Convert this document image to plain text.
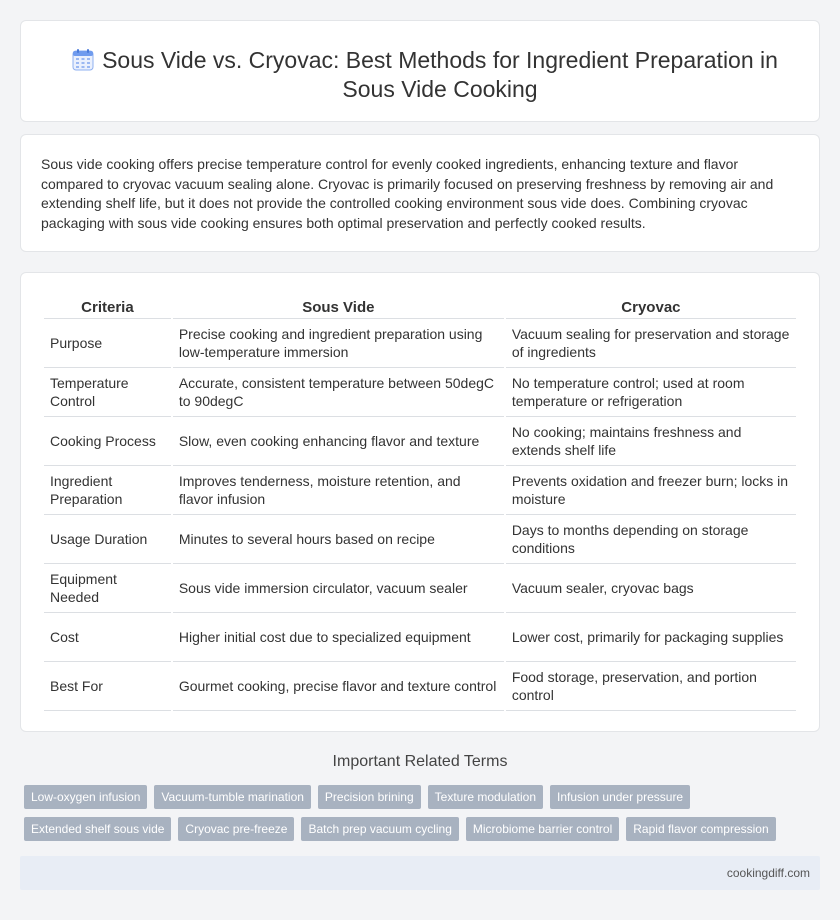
Sous Vide vs. Cryovac: Best Methods for Ingredient Preparation in Sous Vide Cooking

Sous vide cooking offers precise temperature control for evenly cooked ingredients, enhancing texture and flavor compared to cryovac vacuum sealing alone. Cryovac is primarily focused on preserving freshness by removing air and extending shelf life, but it does not provide the controlled cooking environment sous vide does. Combining cryovac packaging with sous vide cooking ensures both optimal preservation and perfectly cooked results.

Criteria	Sous Vide	Cryovac
Purpose	Precise cooking and ingredient preparation using low-temperature immersion	Vacuum sealing for preservation and storage of ingredients
Temperature Control	Accurate, consistent temperature between 50degC to 90degC	No temperature control; used at room temperature or refrigeration
Cooking Process	Slow, even cooking enhancing flavor and texture	No cooking; maintains freshness and extends shelf life
Ingredient Preparation	Improves tenderness, moisture retention, and flavor infusion	Prevents oxidation and freezer burn; locks in moisture
Usage Duration	Minutes to several hours based on recipe	Days to months depending on storage conditions
Equipment Needed	Sous vide immersion circulator, vacuum sealer	Vacuum sealer, cryovac bags
Cost	Higher initial cost due to specialized equipment	Lower cost, primarily for packaging supplies
Best For	Gourmet cooking, precise flavor and texture control	Food storage, preservation, and portion control
Important Related Terms
Low-oxygen infusion	Vacuum-tumble marination	Precision brining	Texture modulation	Infusion under pressure
Extended shelf sous vide	Cryovac pre-freeze	Batch prep vacuum cycling	Microbiome barrier control	Rapid flavor compression
cookingdiff.com
